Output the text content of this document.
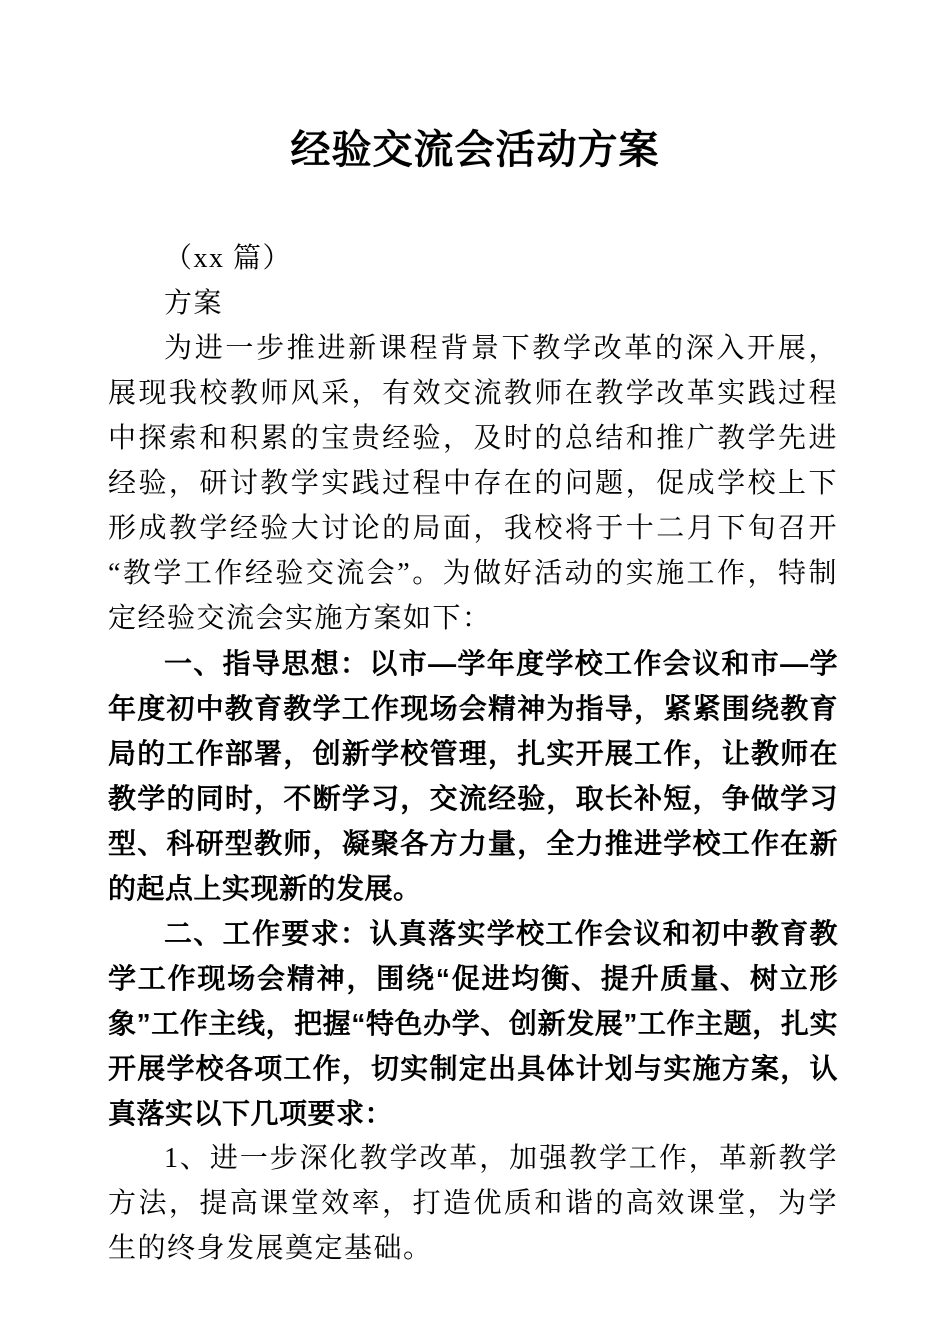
经验交流会活动方案

（xx 篇）

方案

为进一步推进新课程背景下教学改革的深入开展，展现我校教师风采，有效交流教师在教学改革实践过程中探索和积累的宝贵经验，及时的总结和推广教学先进经验，研讨教学实践过程中存在的问题，促成学校上下形成教学经验大讨论的局面，我校将于十二月下旬召开“教学工作经验交流会”。为做好活动的实施工作，特制定经验交流会实施方案如下：

一、指导思想：以市—学年度学校工作会议和市—学年度初中教育教学工作现场会精神为指导，紧紧围绕教育局的工作部署，创新学校管理，扎实开展工作，让教师在教学的同时，不断学习，交流经验，取长补短，争做学习型、科研型教师，凝聚各方力量，全力推进学校工作在新的起点上实现新的发展。

二、工作要求：认真落实学校工作会议和初中教育教学工作现场会精神，围绕“促进均衡、提升质量、树立形象”工作主线，把握“特色办学、创新发展”工作主题，扎实开展学校各项工作，切实制定出具体计划与实施方案，认真落实以下几项要求：

1、进一步深化教学改革，加强教学工作，革新教学方法，提高课堂效率，打造优质和谐的高效课堂，为学生的终身发展奠定基础。
